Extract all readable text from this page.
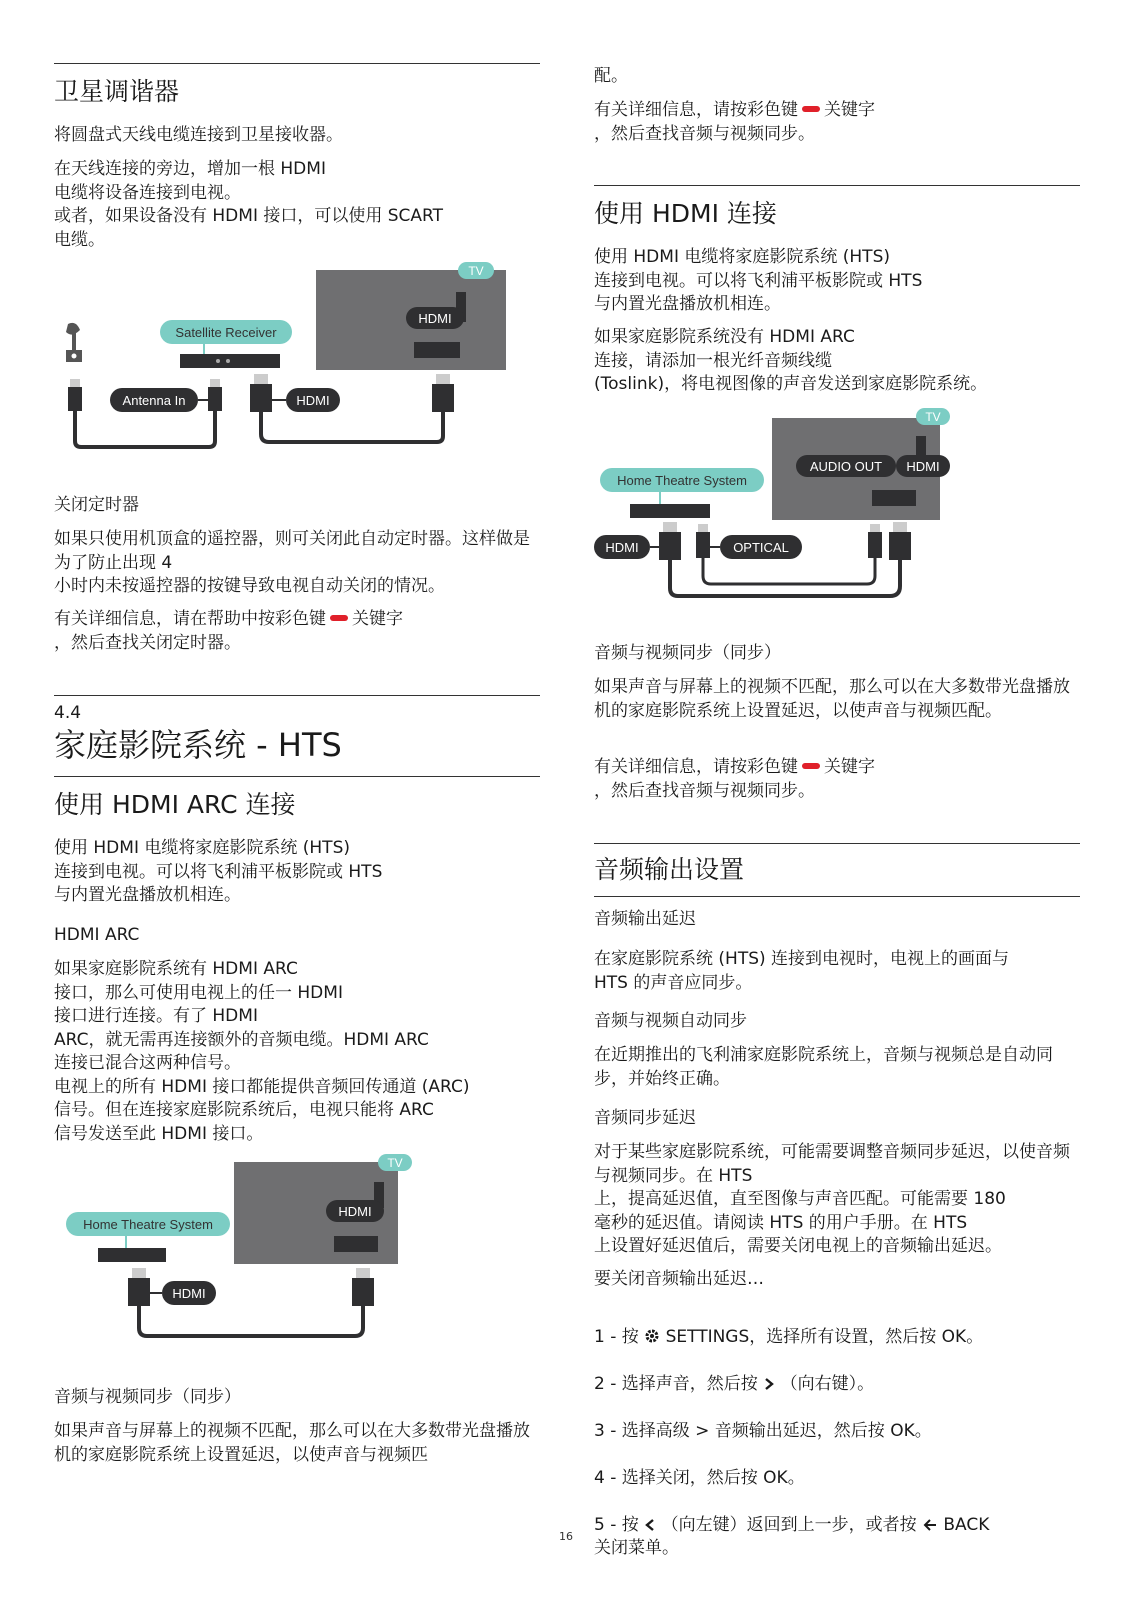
卫星调谐器
将圆盘式天线电缆连接到卫星接收器。
在天线连接的旁边，增加一根 HDMI
电缆将设备连接到电视。
或者，如果设备没有 HDMI 接口，可以使用 SCART
电缆。
TV
HDMI
Satellite Receiver
Antenna In	HDMI
关闭定时器
如果只使用机顶盒的遥控器，则可关闭此自动定时器。这样做是为了防止出现 4
小时内未按遥控器的按键导致电视自动关闭的情况。
有关详细信息，请在帮助中按彩色键 关键字
，然后查找关闭定时器。
4.4
家庭影院系统 - HTS
使用 HDMI ARC 连接
使用 HDMI 电缆将家庭影院系统 (HTS)
连接到电视。可以将飞利浦平板影院或 HTS
与内置光盘播放机相连。
HDMI ARC
如果家庭影院系统有 HDMI ARC
接口，那么可使用电视上的任一 HDMI
接口进行连接。有了 HDMI
ARC，就无需再连接额外的音频电缆。HDMI ARC
连接已混合这两种信号。
电视上的所有 HDMI 接口都能提供音频回传通道 (ARC)
信号。但在连接家庭影院系统后，电视只能将 ARC
信号发送至此 HDMI 接口。
TV
HDMI
Home Theatre System
HDMI
音频与视频同步（同步）
如果声音与屏幕上的视频不匹配，那么可以在大多数带光盘播放机的家庭影院系统上设置延迟，以使声音与视频匹
配。
有关详细信息，请按彩色键 关键字
，然后查找音频与视频同步。
使用 HDMI 连接
使用 HDMI 电缆将家庭影院系统 (HTS)
连接到电视。可以将飞利浦平板影院或 HTS
与内置光盘播放机相连。
如果家庭影院系统没有 HDMI ARC
连接，请添加一根光纤音频线缆
(Toslink)，将电视图像的声音发送到家庭影院系统。
TV
AUDIO OUT HDMI
Home Theatre System
HDMI	OPTICAL
音频与视频同步（同步）
如果声音与屏幕上的视频不匹配，那么可以在大多数带光盘播放机的家庭影院系统上设置延迟，以使声音与视频匹配。
有关详细信息，请按彩色键 关键字
，然后查找音频与视频同步。
音频输出设置
音频输出延迟
在家庭影院系统 (HTS) 连接到电视时，电视上的画面与
HTS 的声音应同步。
音频与视频自动同步
在近期推出的飞利浦家庭影院系统上，音频与视频总是自动同步，并始终正确。
音频同步延迟
对于某些家庭影院系统，可能需要调整音频同步延迟，以使音频与视频同步。在 HTS
上，提高延迟值，直至图像与声音匹配。可能需要 180
毫秒的延迟值。请阅读 HTS 的用户手册。在 HTS
上设置好延迟值后，需要关闭电视上的音频输出延迟。
要关闭音频输出延迟…

1 - 按 SETTINGS，选择所有设置，然后按 OK。

2 - 选择声音，然后按 （向右键）。

3 - 选择高级 > 音频输出延迟，然后按 OK。

4 - 选择关闭，然后按 OK。

5 - 按 （向左键）返回到上一步，或者按 BACK
关闭菜单。

16
